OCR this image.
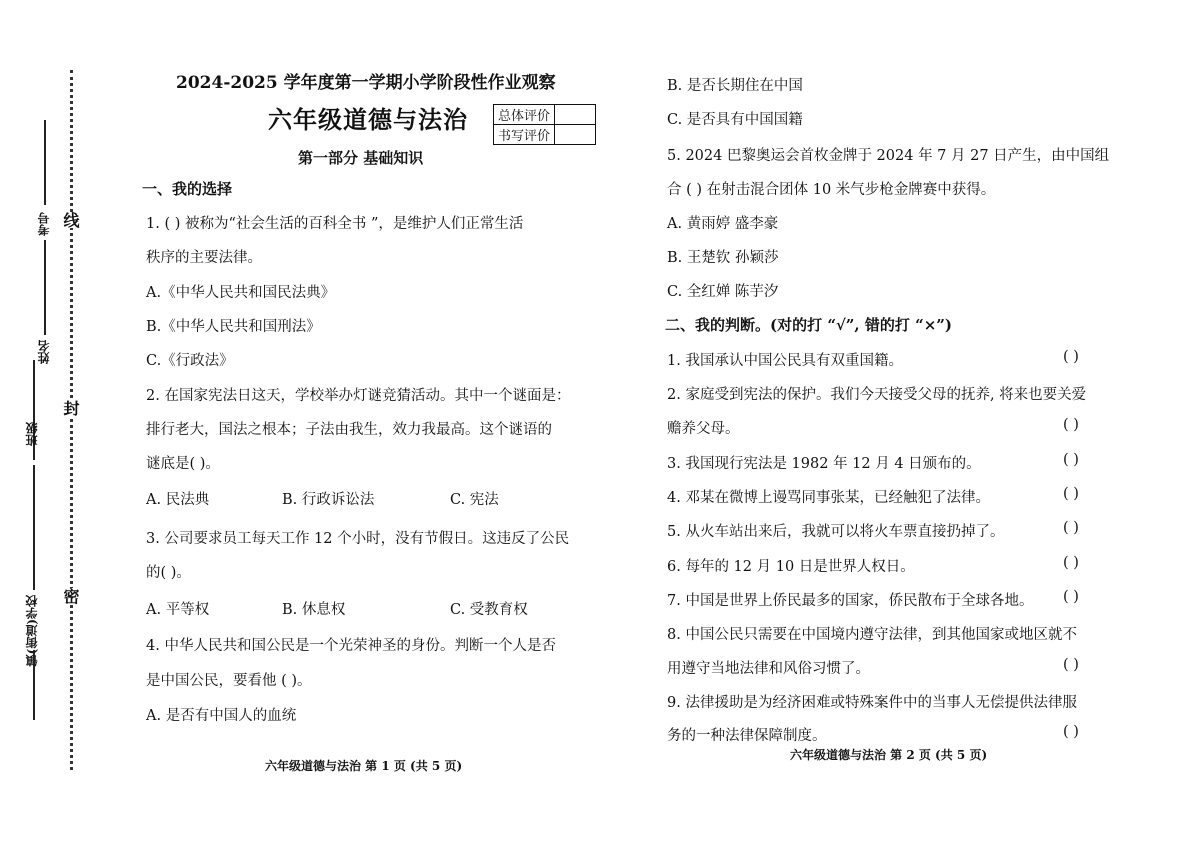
考号
姓名
班级
镇(街道)学校
线
封
密
2024-2025 学年度第一学期小学阶段性作业观察
六年级道德与法治 总体评价	
书写评价	
第一部分 基础知识
一、我的选择
1. ( ) 被称为“社会生活的百科全书 ”，是维护人们正常生活
秩序的主要法律。
A.《中华人民共和国民法典》
B.《中华人民共和国刑法》
C.《行政法》
2. 在国家宪法日这天，学校举办灯谜竞猜活动。其中一个谜面是：
排行老大，国法之根本；子法由我生，效力我最高。这个谜语的
谜底是( )。
A. 民法典	B. 行政诉讼法	C. 宪法
3. 公司要求员工每天工作 12 个小时，没有节假日。这违反了公民
的( )。
A. 平等权	B. 休息权	C. 受教育权
4. 中华人民共和国公民是一个光荣神圣的身份。判断一个人是否
是中国公民，要看他 ( )。
A. 是否有中国人的血统
六年级道德与法治 第 1 页 (共 5 页)
B. 是否长期住在中国
C. 是否具有中国国籍
5. 2024 巴黎奥运会首枚金牌于 2024 年 7 月 27 日产生，由中国组
合 ( ) 在射击混合团体 10 米气步枪金牌赛中获得。
A. 黄雨婷 盛李豪
B. 王楚钦 孙颖莎
C. 全红婵 陈芋汐
二、我的判断。(对的打 “√”, 错的打 “×”)
1. 我国承认中国公民具有双重国籍。	( )
2. 家庭受到宪法的保护。我们今天接受父母的抚养, 将来也要关爱
赡养父母。	( )
3. 我国现行宪法是 1982 年 12 月 4 日颁布的。	( )
4. 邓某在微博上谩骂同事张某，已经触犯了法律。	( )
5. 从火车站出来后，我就可以将火车票直接扔掉了。	( )
6. 每年的 12 月 10 日是世界人权日。	( )
7. 中国是世界上侨民最多的国家，侨民散布于全球各地。 ( )
8. 中国公民只需要在中国境内遵守法律，到其他国家或地区就不
用遵守当地法律和风俗习惯了。	( )
9. 法律援助是为经济困难或特殊案件中的当事人无偿提供法律服
务的一种法律保障制度。	( )
六年级道德与法治 第 2 页 (共 5 页)
